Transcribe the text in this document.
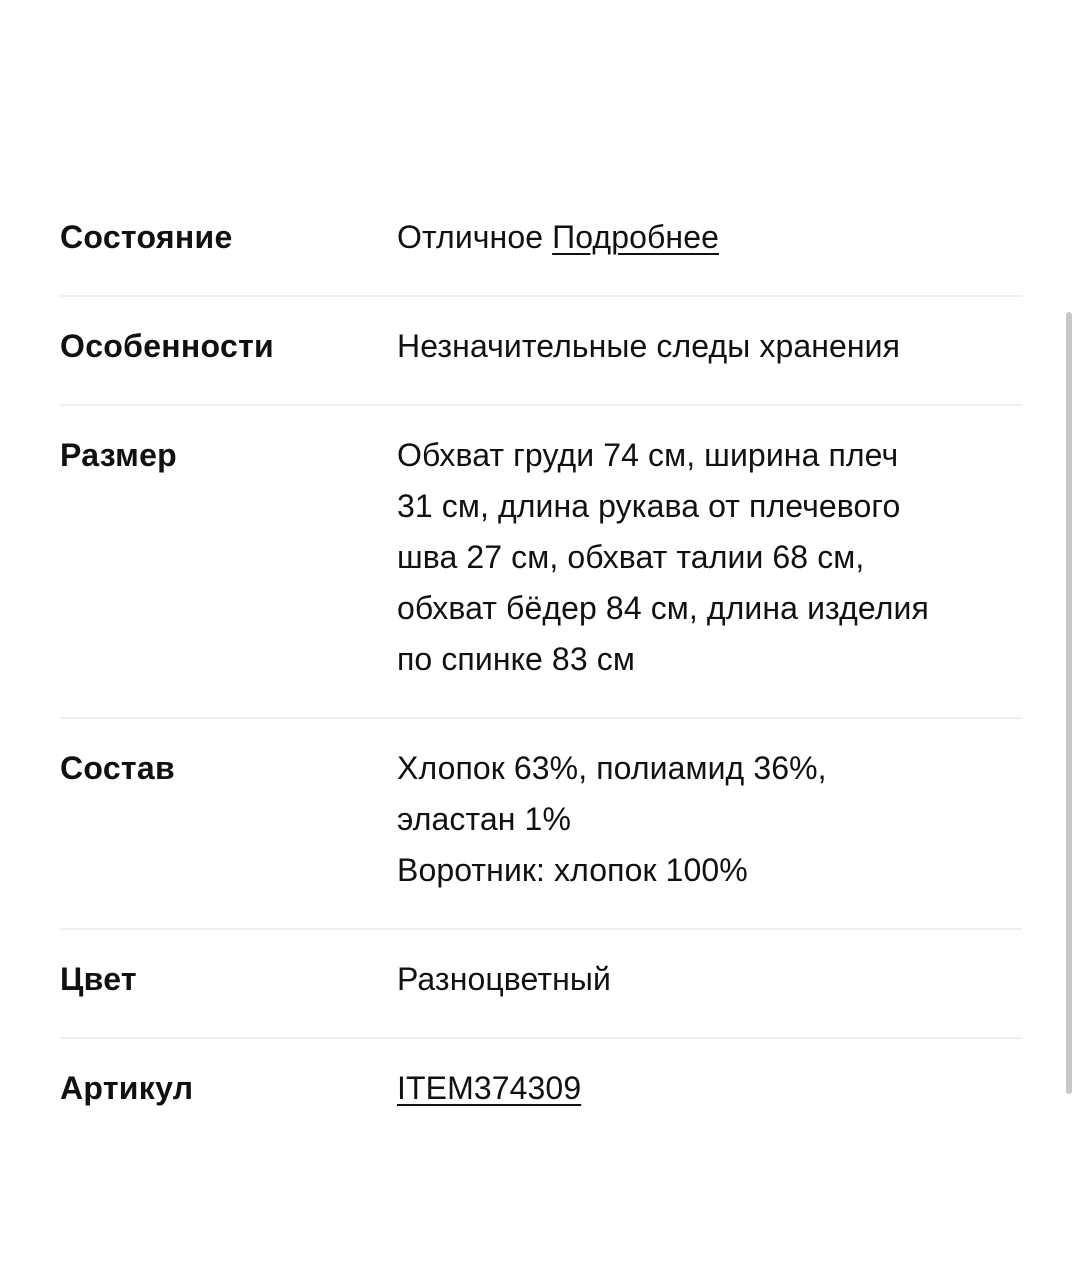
Состояние	Отличное Подробнее
Особенности	Незначительные следы хранения
Размер	Обхват груди 74 см, ширина плеч
31 см, длина рукава от плечевого
шва 27 см, обхват талии 68 см,
обхват бёдер 84 см, длина изделия
по спинке 83 см
Состав	Хлопок 63%, полиамид 36%,
эластан 1%
Воротник: хлопок 100%
Цвет	Разноцветный
Артикул	ITEM374309
